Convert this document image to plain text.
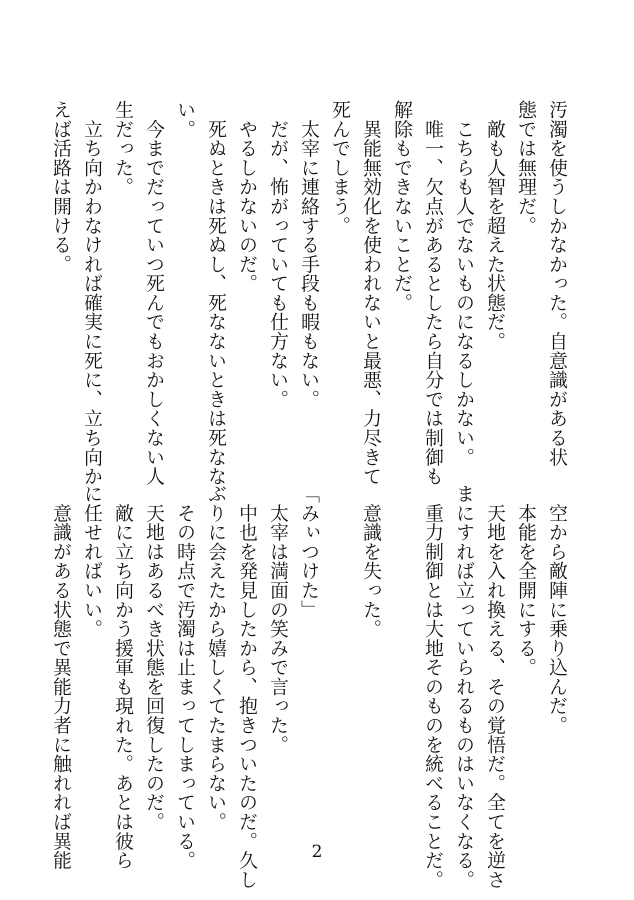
汚濁を使うしかなかった。自意識がある状
態では無理だ。
　敵も人智を超えた状態だ。
　こちらも人でないものになるしかない。
　唯一、欠点があるとしたら自分では制御も
解除もできないことだ。
　異能無効化を使われないと最悪、力尽きて
死んでしまう。
　太宰に連絡する手段も暇もない。
　だが、怖がっていても仕方ない。
　やるしかないのだ。
　死ぬときは死ぬし、死なないときは死なな
い。
　今までだっていつ死んでもおかしくない人
生だった。
　立ち向かわなければ確実に死に、立ち向か
えば活路は開ける。
　空から敵陣に乗り込んだ。
　本能を全開にする。
　天地を入れ換える、その覚悟だ。全てを逆さ
まにすれば立っていられるものはいなくなる。
　重力制御とは大地そのものを統べることだ。

　意識を失った。

「みぃつけた」
　太宰は満面の笑みで言った。
　中也を発見したから、抱きついたのだ。久し
ぶりに会えたから嬉しくてたまらない。
　その時点で汚濁は止まってしまっている。
　天地はあるべき状態を回復したのだ。
　敵に立ち向かう援軍も現れた。あとは彼ら
に任せればいい。
　意識がある状態で異能力者に触れれば異能	2
